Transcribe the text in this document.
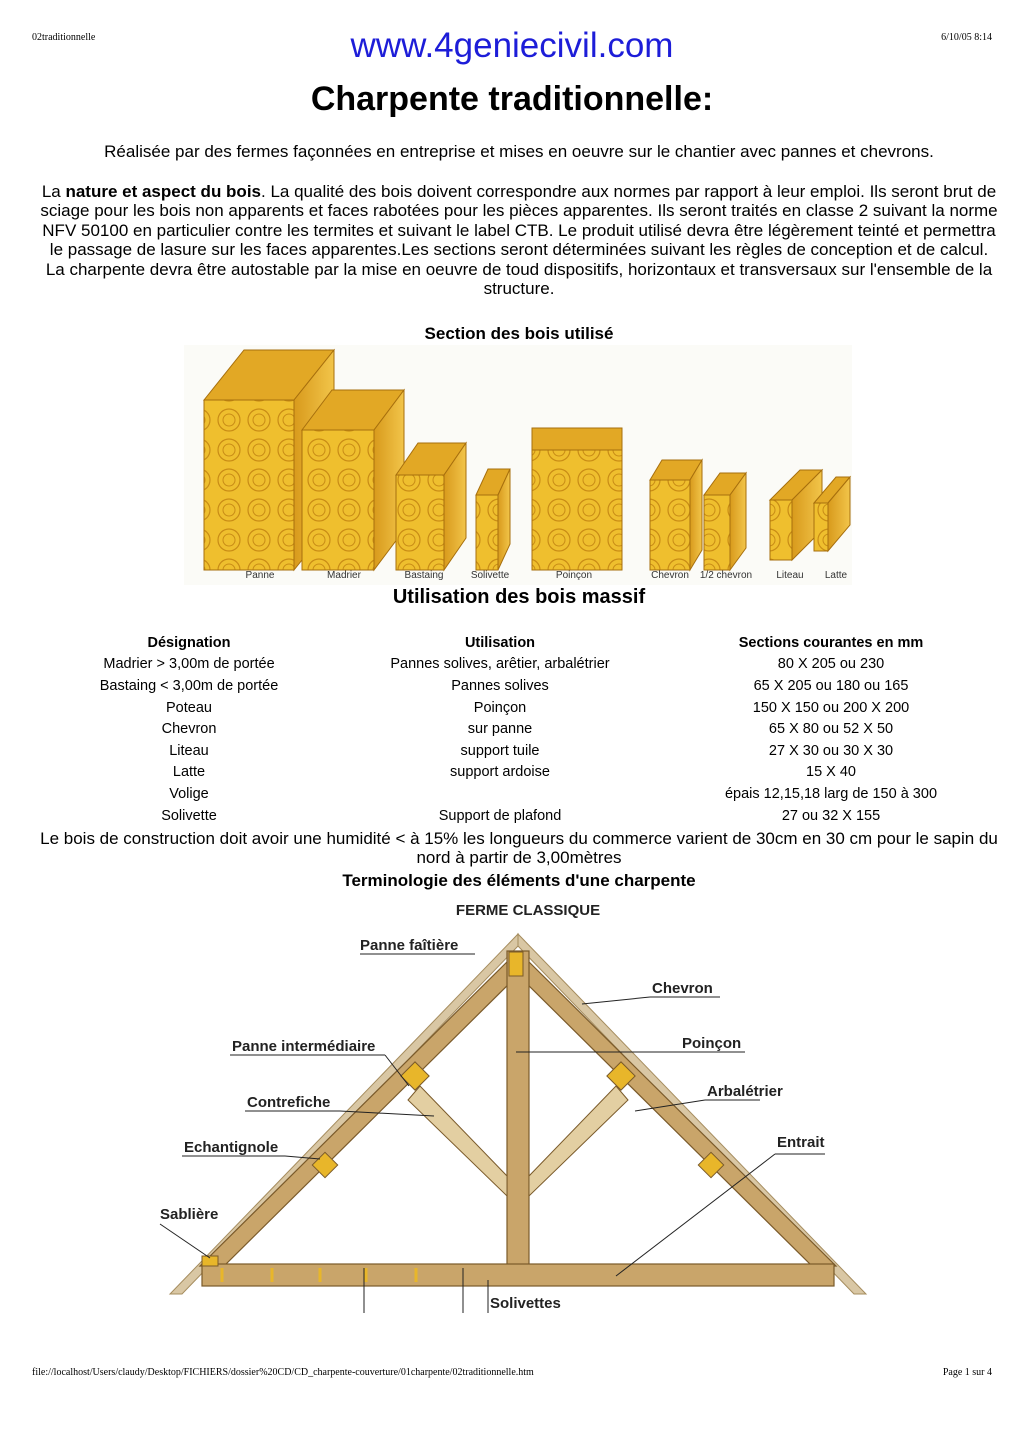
02traditionnelle	6/10/05 8:14
www.4geniecivil.com
Charpente traditionnelle:
Réalisée par des fermes façonnées en entreprise et mises en oeuvre sur le chantier avec pannes et chevrons.
La nature et aspect du bois. La qualité des bois doivent correspondre aux normes par rapport à leur emploi. Ils seront brut de sciage pour les bois non apparents et faces rabotées pour les pièces apparentes. Ils seront traités en classe 2 suivant la norme NFV 50100 en particulier contre les termites et suivant le label CTB. Le produit utilisé devra être légèrement teinté et permettra le passage de lasure sur les faces apparentes.Les sections seront déterminées suivant les règles de conception et de calcul. La charpente devra être autostable par la mise en oeuvre de toud dispositifs, horizontaux et transversaux sur l'ensemble de la structure.
Section des bois utilisé
Panne	Madrier	Bastaing	Solivette	Poinçon	Chevron 1/2 chevron Liteau Latte
Utilisation des bois massif
Désignation	Utilisation	Sections courantes en mm
Madrier > 3,00m de portée	Pannes solives, arêtier, arbalétrier	80 X 205 ou 230
Bastaing < 3,00m de portée	Pannes solives	65 X 205 ou 180 ou 165
Poteau	Poinçon	150 X 150 ou 200 X 200
Chevron	sur panne	65 X 80 ou 52 X 50
Liteau	support tuile	27 X 30 ou 30 X 30
Latte	support ardoise	15 X 40
Volige		épais 12,15,18 larg de 150 à 300
Solivette	Support de plafond	27 ou 32 X 155
Le bois de construction doit avoir une humidité < à 15% les longueurs du commerce varient de 30cm en 30 cm pour le sapin du nord à partir de 3,00mètres
Terminologie des éléments d'une charpente
FERME CLASSIQUE
Panne faîtière
Chevron
Panne intermédiaire	Poinçon
Contrefiche
Arbalétrier
Echantignole	Entrait
Sablière
Solivettes
file://localhost/Users/claudy/Desktop/FICHIERS/dossier%20CD/CD_charpente-couverture/01charpente/02traditionnelle.htm	Page 1 sur 4
